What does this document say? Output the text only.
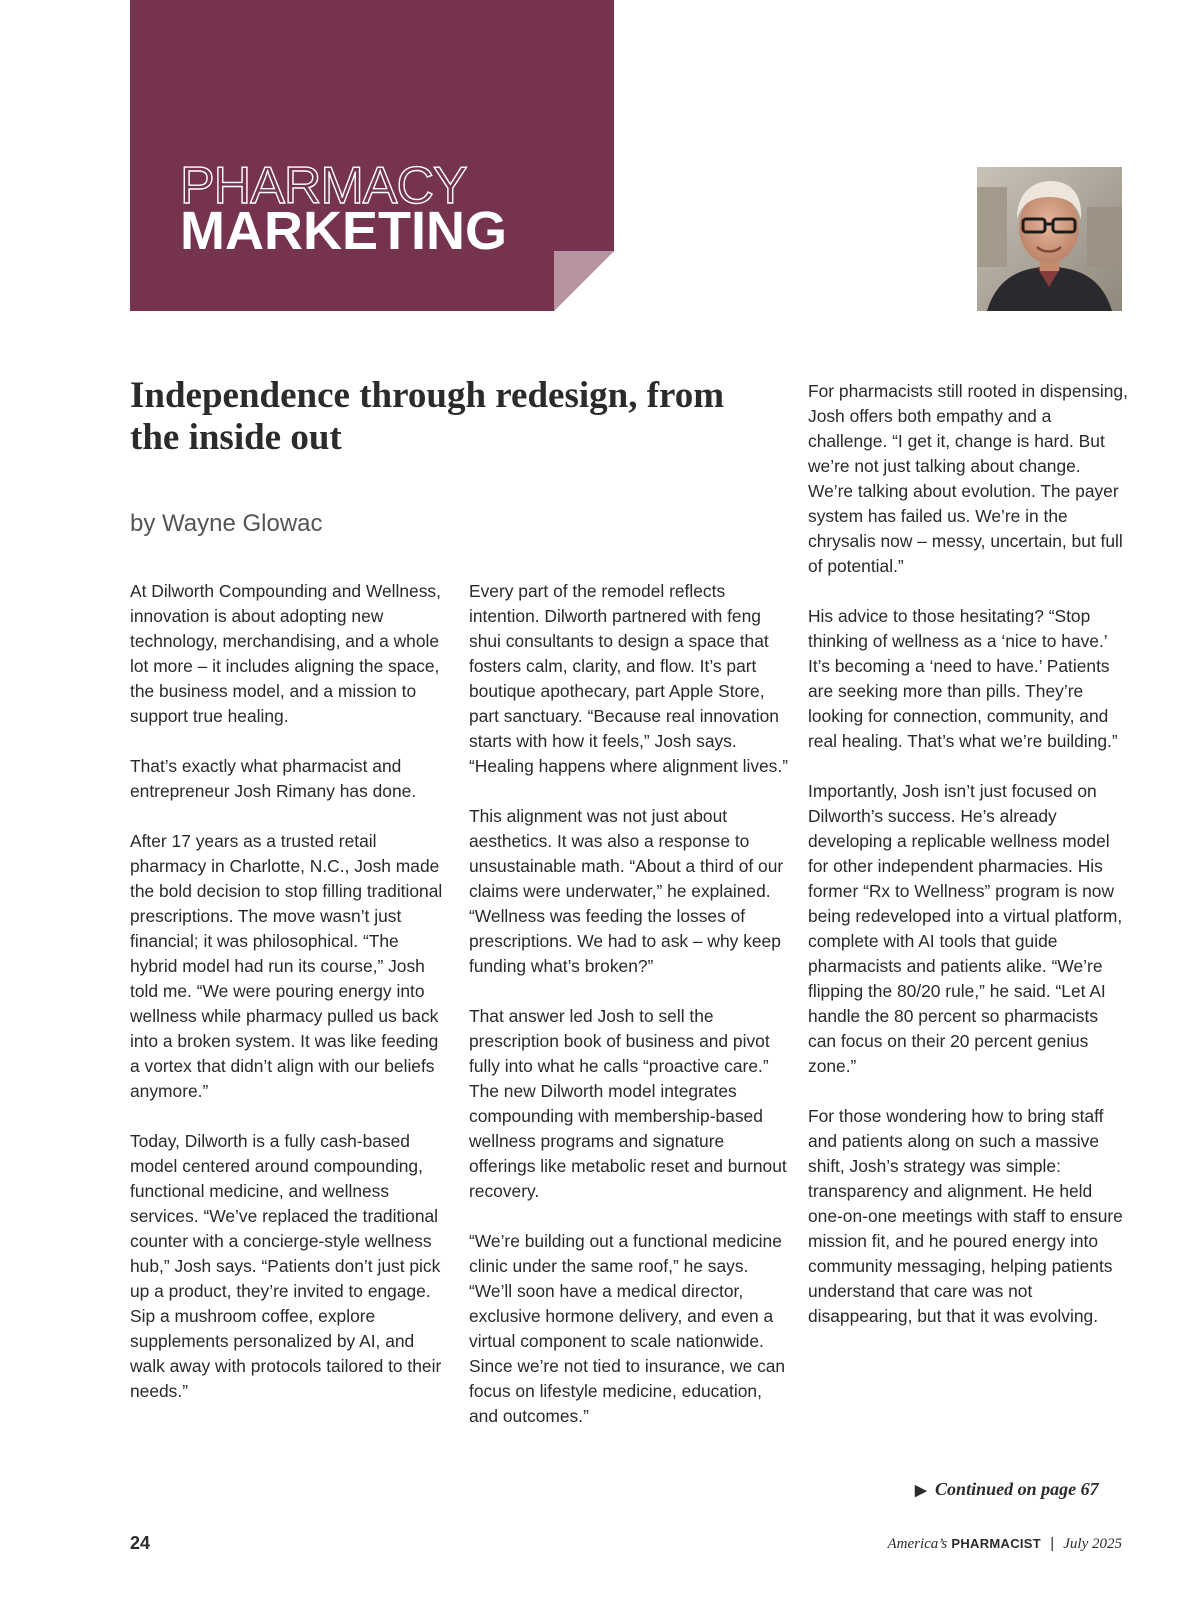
PHARMACY
MARKETING
Independence through redesign, from the inside out
by Wayne Glowac

At Dilworth Compounding and Wellness, innovation is about adopting new technology, merchandising, and a whole lot more – it includes aligning the space, the business model, and a mission to support true healing.

That’s exactly what pharmacist and entrepreneur Josh Rimany has done.

After 17 years as a trusted retail pharmacy in Charlotte, N.C., Josh made the bold decision to stop filling traditional prescriptions. The move wasn’t just financial; it was philosophical. “The hybrid model had run its course,” Josh told me. “We were pouring energy into wellness while pharmacy pulled us back into a broken system. It was like feeding a vortex that didn’t align with our beliefs anymore.”

Today, Dilworth is a fully cash-based model centered around compounding, functional medicine, and wellness services. “We’ve replaced the traditional counter with a concierge-style wellness hub,” Josh says. “Patients don’t just pick up a product, they’re invited to engage. Sip a mushroom coffee, explore supplements personalized by AI, and walk away with protocols tailored to their needs.”

Every part of the remodel reflects intention. Dilworth partnered with feng shui consultants to design a space that fosters calm, clarity, and flow. It’s part boutique apothecary, part Apple Store, part sanctuary. “Because real innovation starts with how it feels,” Josh says. “Healing happens where alignment lives.”

This alignment was not just about aesthetics. It was also a response to unsustainable math. “About a third of our claims were underwater,” he explained. “Wellness was feeding the losses of prescriptions. We had to ask – why keep funding what’s broken?”

That answer led Josh to sell the prescription book of business and pivot fully into what he calls “proactive care.” The new Dilworth model integrates compounding with membership-based wellness programs and signature offerings like metabolic reset and burnout recovery.

“We’re building out a functional medicine clinic under the same roof,” he says. “We’ll soon have a medical director, exclusive hormone delivery, and even a virtual component to scale nationwide. Since we’re not tied to insurance, we can focus on lifestyle medicine, education, and outcomes.”

For pharmacists still rooted in dispensing, Josh offers both empathy and a challenge. “I get it, change is hard. But we’re not just talking about change. We’re talking about evolution. The payer system has failed us. We’re in the chrysalis now – messy, uncertain, but full of potential.”

His advice to those hesitating? “Stop thinking of wellness as a ‘nice to have.’ It’s becoming a ‘need to have.’ Patients are seeking more than pills. They’re looking for connection, community, and real healing. That’s what we’re building.”

Importantly, Josh isn’t just focused on Dilworth’s success. He’s already developing a replicable wellness model for other independent pharmacies. His former “Rx to Wellness” program is now being redeveloped into a virtual platform, complete with AI tools that guide pharmacists and patients alike. “We’re flipping the 80/20 rule,” he said. “Let AI handle the 80 percent so pharmacists can focus on their 20 percent genius zone.”

For those wondering how to bring staff and patients along on such a massive shift, Josh’s strategy was simple: transparency and alignment. He held one-on-one meetings with staff to ensure mission fit, and he poured energy into community messaging, helping patients understand that care was not disappearing, but that it was evolving.

▶ Continued on page 67
24	America’s PHARMACIST | July 2025
